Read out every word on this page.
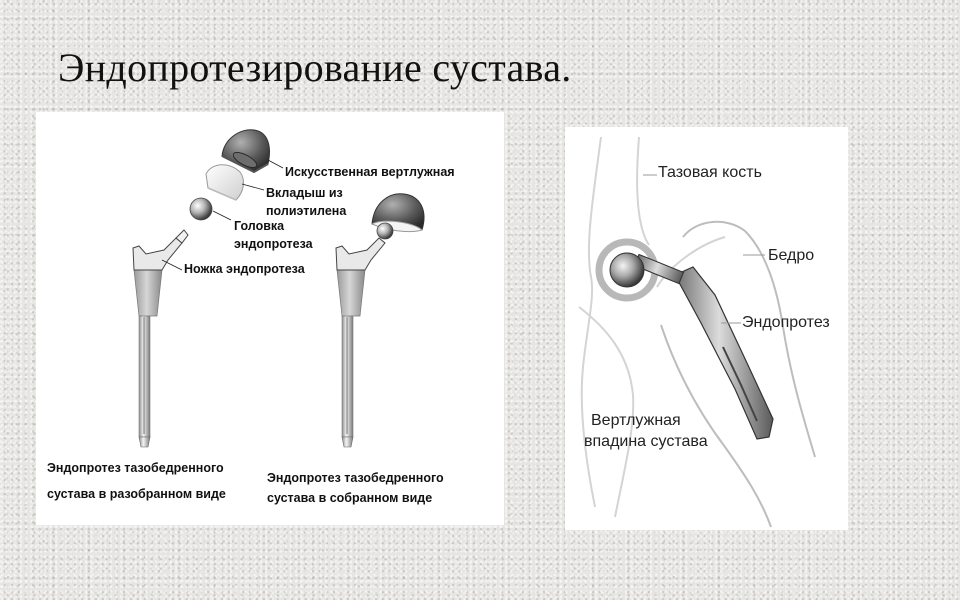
Эндопротезирование сустава.

Искусственная вертлужная

Вкладыш из

полиэтилена

Головка

эндопротеза

Ножка эндопротеза

Эндопротез тазобедренного

сустава в разобранном виде

Эндопротез тазобедренного

сустава в собранном виде

Тазовая кость

Бедро

Эндопротез

Вертлужная

впадина сустава
